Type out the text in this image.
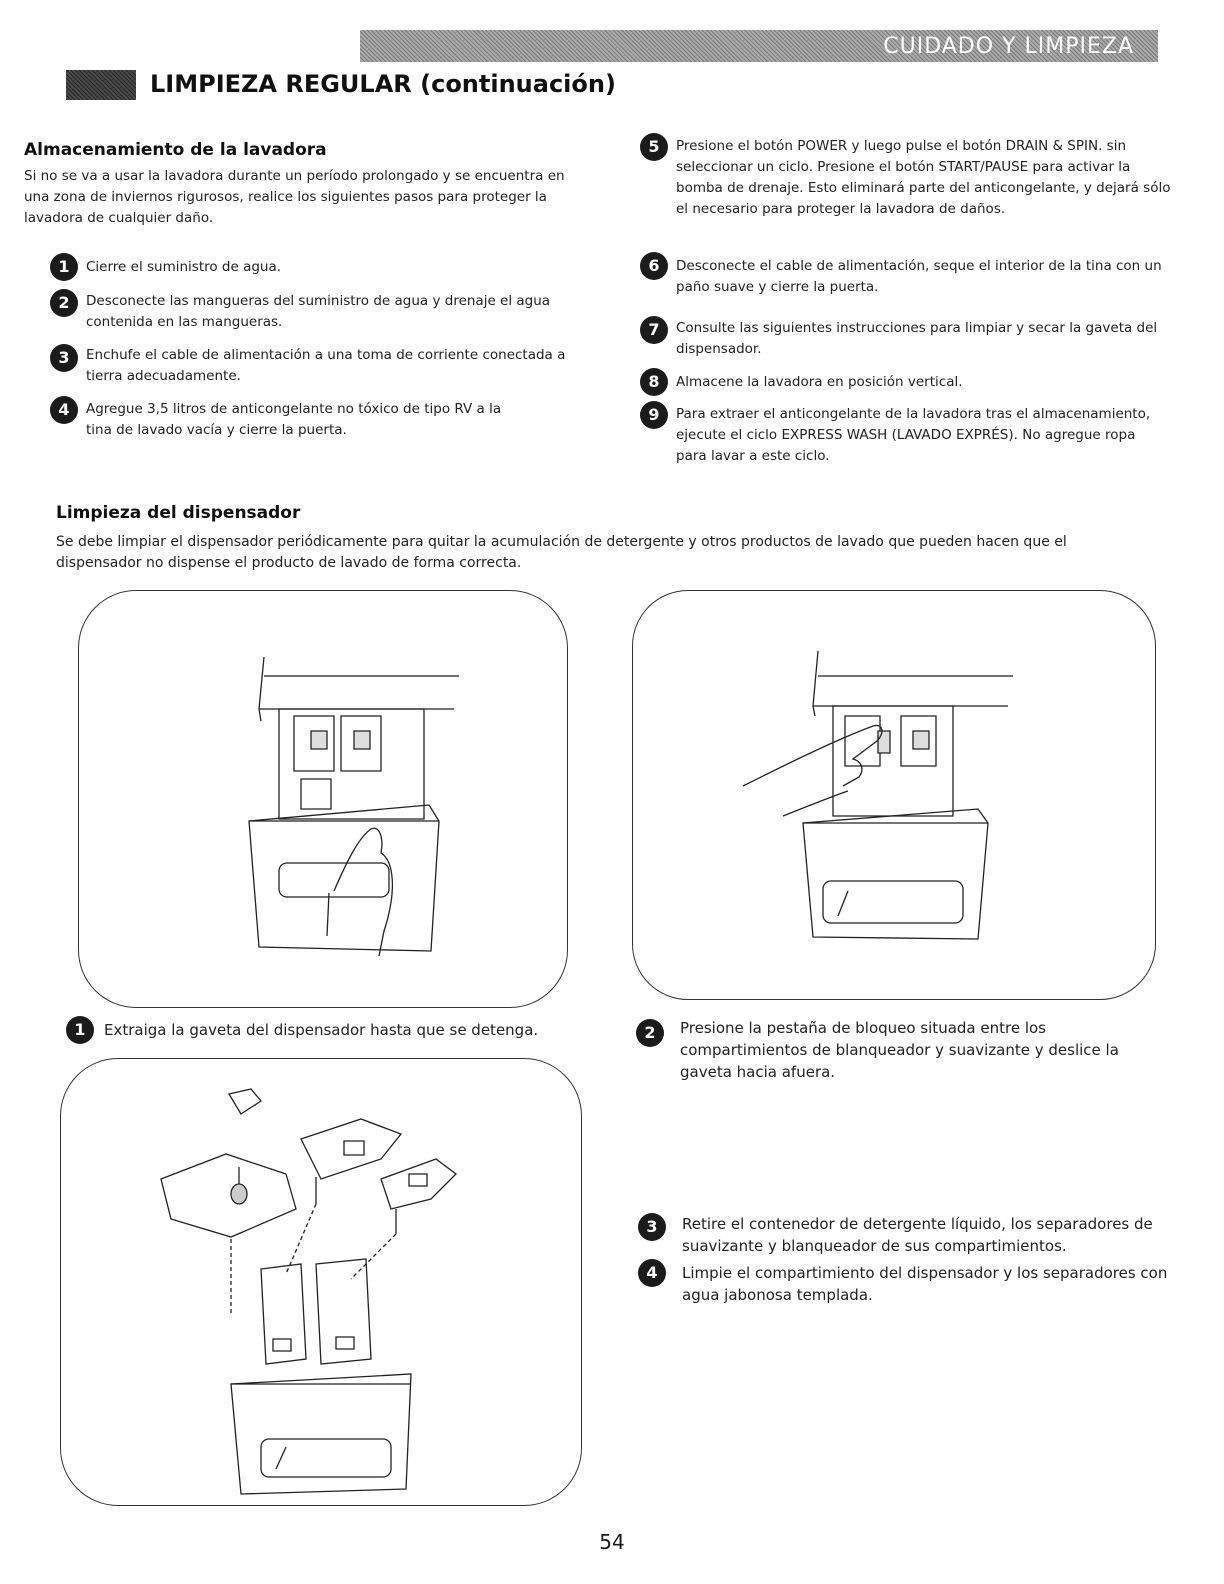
CUIDADO Y LIMPIEZA
LIMPIEZA REGULAR (continuación)
Almacenamiento de la lavadora
Si no se va a usar la lavadora durante un período prolongado y se encuentra en una zona de inviernos rigurosos, realice los siguientes pasos para proteger la lavadora de cualquier daño.
1	Cierre el suministro de agua.
2	Desconecte las mangueras del suministro de agua y drenaje el agua contenida en las mangueras.
3	Enchufe el cable de alimentación a una toma de corriente conectada a tierra adecuadamente.
4	Agregue 3,5 litros de anticongelante no tóxico de tipo RV a la tina de lavado vacía y cierre la puerta.
5	Presione el botón POWER y luego pulse el botón DRAIN & SPIN. sin seleccionar un ciclo. Presione el botón START/PAUSE para activar la bomba de drenaje. Esto eliminará parte del anticongelante, y dejará sólo el necesario para proteger la lavadora de daños.
6	Desconecte el cable de alimentación, seque el interior de la tina con un paño suave y cierre la puerta.
7	Consulte las siguientes instrucciones para limpiar y secar la gaveta del dispensador.
8	Almacene la lavadora en posición vertical.
9	Para extraer el anticongelante de la lavadora tras el almacenamiento, ejecute el ciclo EXPRESS WASH (LAVADO EXPRÉS). No agregue ropa para lavar a este ciclo.
Limpieza del dispensador
Se debe limpiar el dispensador periódicamente para quitar la acumulación de detergente y otros productos de lavado que pueden hacen que el dispensador no dispense el producto de lavado de forma correcta.
1	Extraiga la gaveta del dispensador hasta que se detenga.	2	Presione la pestaña de bloqueo situada entre los compartimientos de blanqueador y suavizante y deslice la gaveta hacia afuera.
3	Retire el contenedor de detergente líquido, los separadores de suavizante y blanqueador de sus compartimientos.
4	Limpie el compartimiento del dispensador y los separadores con agua jabonosa templada.
54
